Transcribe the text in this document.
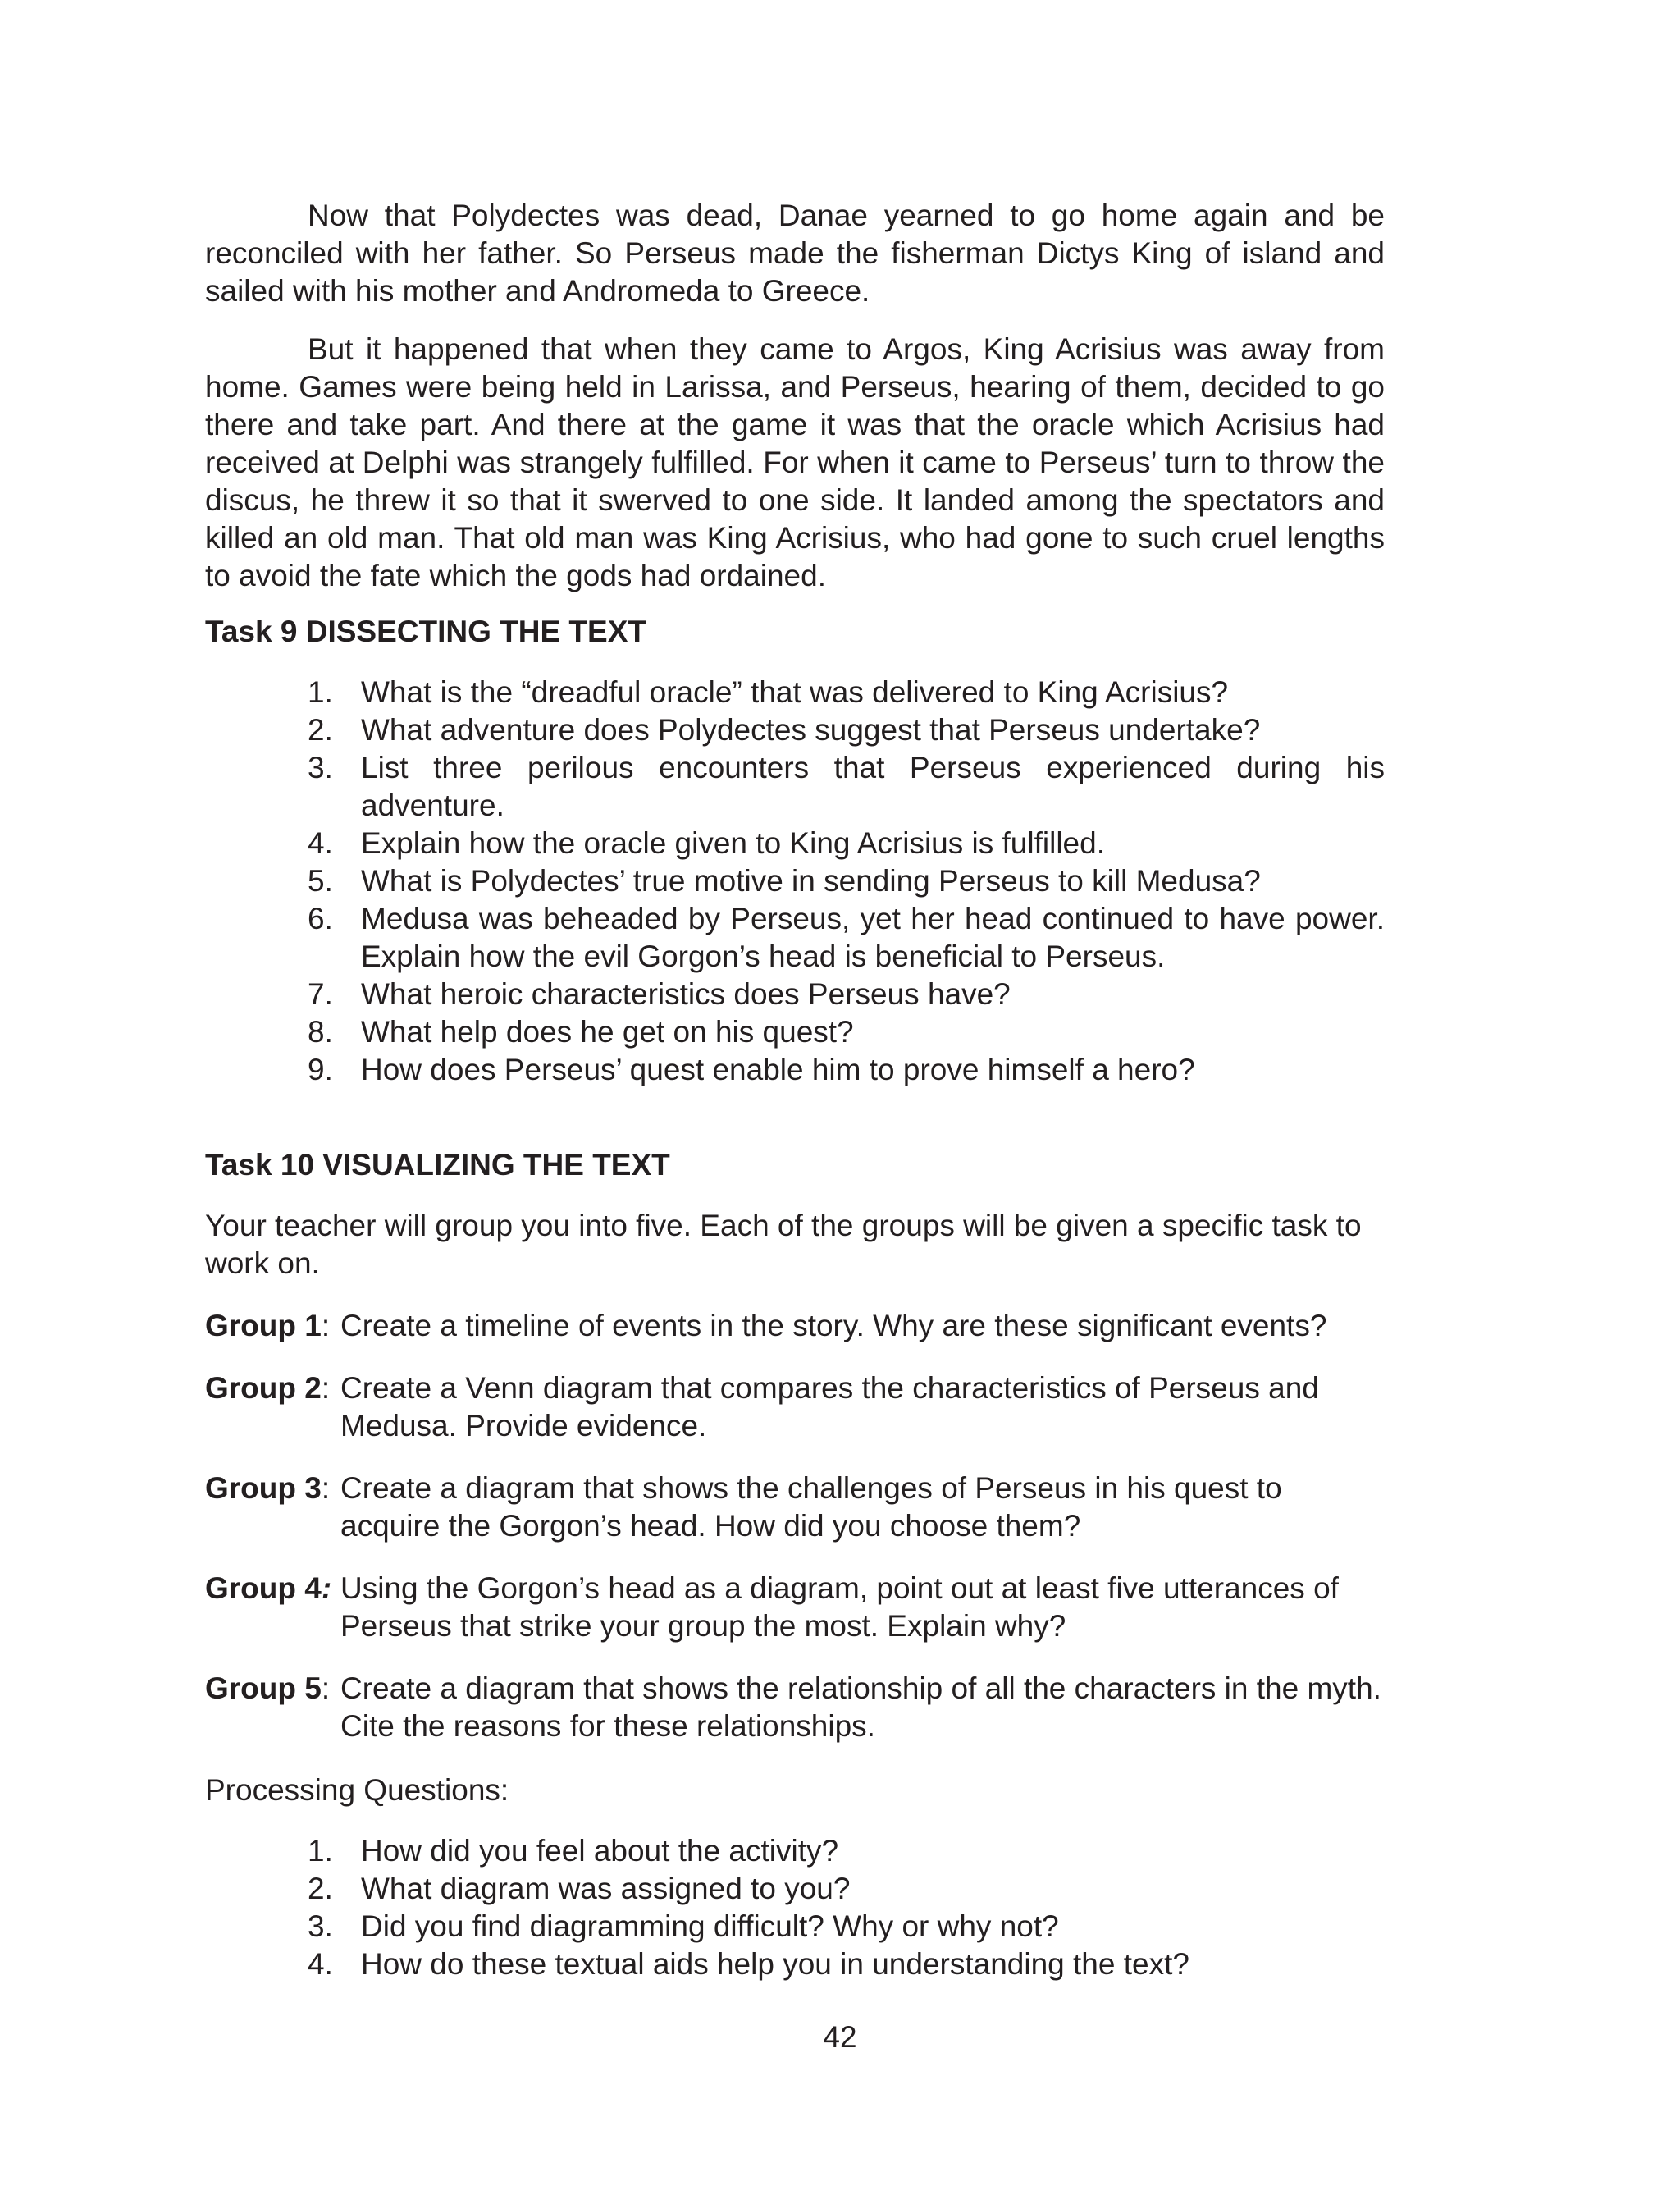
Now that Polydectes was dead, Danae yearned to go home again and be reconciled with her father. So Perseus made the fisherman Dictys King of island and sailed with his mother and Andromeda to Greece.

But it happened that when they came to Argos, King Acrisius was away from home. Games were being held in Larissa, and Perseus, hearing of them, decided to go there and take part. And there at the game it was that the oracle which Acrisius had received at Delphi was strangely fulfilled. For when it came to Perseus’ turn to throw the discus, he threw it so that it swerved to one side. It landed among the spectators and killed an old man. That old man was King Acrisius, who had gone to such cruel lengths to avoid the fate which the gods had ordained.

Task 9 DISSECTING THE TEXT

1. What is the “dreadful oracle” that was delivered to King Acrisius?
2. What adventure does Polydectes suggest that Perseus undertake?
3. List three perilous encounters that Perseus experienced during his adventure.
4. Explain how the oracle given to King Acrisius is fulfilled.
5. What is Polydectes’ true motive in sending Perseus to kill Medusa?
6. Medusa was beheaded by Perseus, yet her head continued to have power. Explain how the evil Gorgon’s head is beneficial to Perseus.
7. What heroic characteristics does Perseus have?
8. What help does he get on his quest?
9. How does Perseus’ quest enable him to prove himself a hero?

Task 10 VISUALIZING THE TEXT

Your teacher will group you into five. Each of the groups will be given a specific task to work on.

Group 1: Create a timeline of events in the story. Why are these significant events?
Group 2: Create a Venn diagram that compares the characteristics of Perseus and Medusa. Provide evidence.
Group 3: Create a diagram that shows the challenges of Perseus in his quest to acquire the Gorgon’s head. How did you choose them?
Group 4: Using the Gorgon’s head as a diagram, point out at least five utterances of Perseus that strike your group the most. Explain why?
Group 5: Create a diagram that shows the relationship of all the characters in the myth. Cite the reasons for these relationships.

Processing Questions:

1. How did you feel about the activity?
2. What diagram was assigned to you?
3. Did you find diagramming difficult? Why or why not?
4. How do these textual aids help you in understanding the text?
42
